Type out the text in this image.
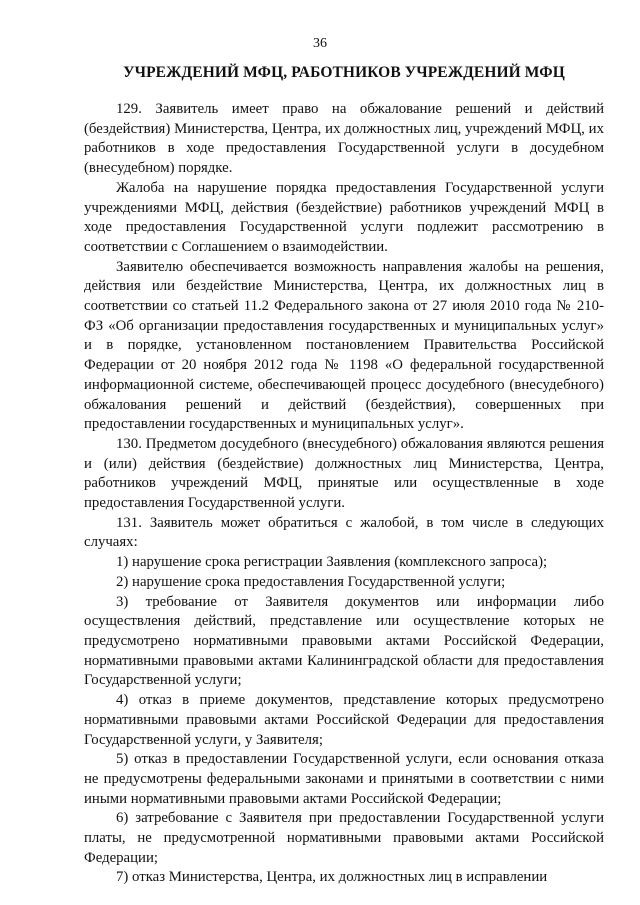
36
УЧРЕЖДЕНИЙ МФЦ, РАБОТНИКОВ УЧРЕЖДЕНИЙ МФЦ

129. Заявитель имеет право на обжалование решений и действий (бездействия) Министерства, Центра, их должностных лиц, учреждений МФЦ, их работников в ходе предоставления Государственной услуги в досудебном (внесудебном) порядке.

Жалоба на нарушение порядка предоставления Государственной услуги учреждениями МФЦ, действия (бездействие) работников учреждений МФЦ в ходе предоставления Государственной услуги подлежит рассмотрению в соответствии с Соглашением о взаимодействии.

Заявителю обеспечивается возможность направления жалобы на решения, действия или бездействие Министерства, Центра, их должностных лиц в соответствии со статьей 11.2 Федерального закона от 27 июля 2010 года № 210-ФЗ «Об организации предоставления государственных и муниципальных услуг» и в порядке, установленном постановлением Правительства Российской Федерации от 20 ноября 2012 года № 1198 «О федеральной государственной информационной системе, обеспечивающей процесс досудебного (внесудебного) обжалования решений и действий (бездействия), совершенных при предоставлении государственных и муниципальных услуг».

130. Предметом досудебного (внесудебного) обжалования являются решения и (или) действия (бездействие) должностных лиц Министерства, Центра, работников учреждений МФЦ, принятые или осуществленные в ходе предоставления Государственной услуги.

131. Заявитель может обратиться с жалобой, в том числе в следующих случаях:

1) нарушение срока регистрации Заявления (комплексного запроса);

2) нарушение срока предоставления Государственной услуги;

3) требование от Заявителя документов или информации либо осуществления действий, представление или осуществление которых не предусмотрено нормативными правовыми актами Российской Федерации, нормативными правовыми актами Калининградской области для предоставления Государственной услуги;

4) отказ в приеме документов, представление которых предусмотрено нормативными правовыми актами Российской Федерации для предоставления Государственной услуги, у Заявителя;

5) отказ в предоставлении Государственной услуги, если основания отказа не предусмотрены федеральными законами и принятыми в соответствии с ними иными нормативными правовыми актами Российской Федерации;

6) затребование с Заявителя при предоставлении Государственной услуги платы, не предусмотренной нормативными правовыми актами Российской Федерации;

7) отказ Министерства, Центра, их должностных лиц в исправлении
